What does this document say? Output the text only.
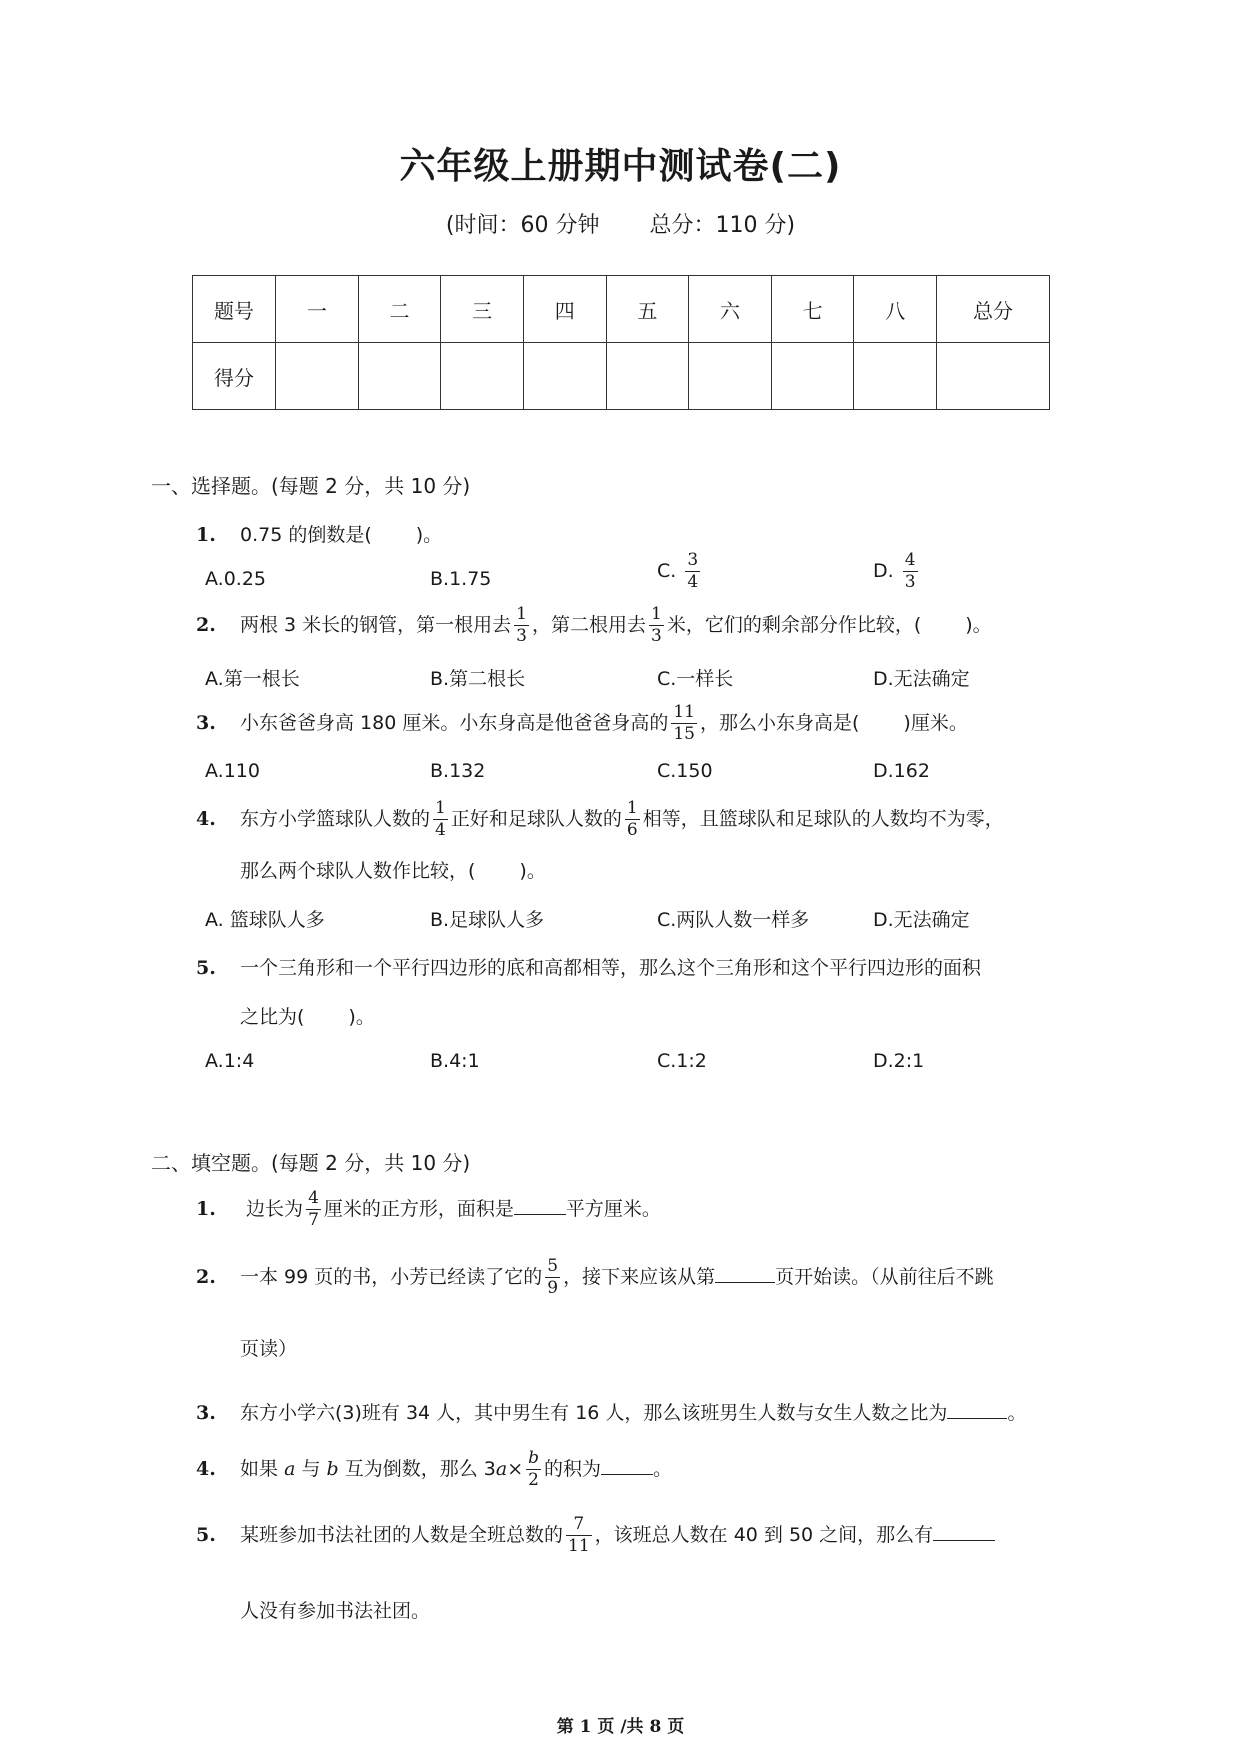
六年级上册期中测试卷(二)
(时间：60 分钟 总分：110 分)
题号	一	二	三	四	五	六	七	八	总分
得分									
一、选择题。(每题 2 分，共 10 分)
1. 0.75 的倒数是( )。
A.0.25	B.1.75	C. $\frac{3}{4}$	D. $\frac{4}{3}$
2. 两根 3 米长的钢管，第一根用去 $\frac{1}{3}$ ，第二根用去 $\frac{1}{3}$ 米，它们的剩余部分作比较，( )。
A.第一根长	B.第二根长	C.一样长	D.无法确定
3. 小东爸爸身高 180 厘米。小东身高是他爸爸身高的 $\frac{11}{15}$ ，那么小东身高是( )厘米。
A.110	B.132	C.150	D.162
4. 东方小学篮球队人数的 $\frac{1}{4}$ 正好和足球队人数的 $\frac{1}{6}$ 相等，且篮球队和足球队的人数均不为零，
那么两个球队人数作比较，( )。
A. 篮球队人多	B.足球队人多	C.两队人数一样多	D.无法确定
5. 一个三角形和一个平行四边形的底和高都相等，那么这个三角形和这个平行四边形的面积
之比为( )。
A.1:4	B.4:1	C.1:2	D.2:1
二、填空题。(每题 2 分，共 10 分)
1. 边长为 $\frac{4}{7}$ 厘米的正方形，面积是	平方厘米。
2. 一本 99 页的书，小芳已经读了它的 $\frac{5}{9}$ ，接下来应该从第	页开始读。（从前往后不跳
页读）
3. 东方小学六(3)班有 34 人，其中男生有 16 人，那么该班男生人数与女生人数之比为	。
4. 如果 a 与 b 互为倒数，那么 $3a\times \frac{b}{2}$ 的积为	。
5. 某班参加书法社团的人数是全班总数的 $\frac{7}{11}$ ，该班总人数在 40 到 50 之间，那么有
人没有参加书法社团。
第 1 页 /共 8 页
